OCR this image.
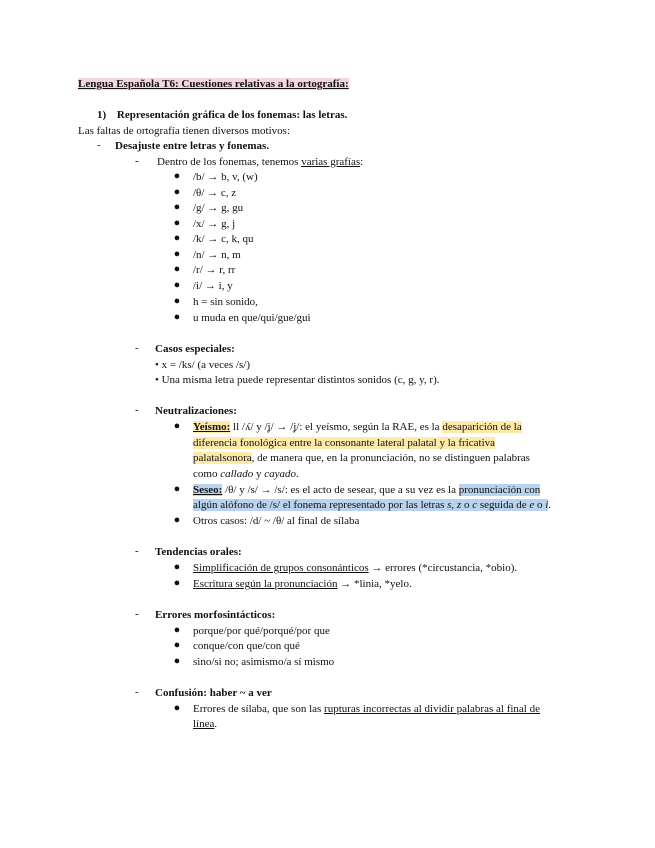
Lengua Española T6: Cuestiones relativas a la ortografía:
1) Representación gráfica de los fonemas: las letras.
Las faltas de ortografía tienen diversos motivos:
- Desajuste entre letras y fonemas.
- Dentro de los fonemas, tenemos varias grafías:
● /b/ → b, v, (w)
● /θ/ → c, z
● /g/ → g, gu
● /x/ → g, j
● /k/ → c, k, qu
● /n/ → n, m
● /r/ → r, rr
● /i/ → i, y
● h = sin sonido,
● u muda en que/qui/gue/gui
- Casos especiales:
• x = /ks/ (a veces /s/)
• Una misma letra puede representar distintos sonidos (c, g, y, r).
- Neutralizaciones:
● Yeísmo: ll /ʎ/ y /ʝ/ → /ʝ/: el yeísmo, según la RAE, es la desaparición de la
diferencia fonológica entre la consonante lateral palatal y la fricativa
palatalsonora, de manera que, en la pronunciación, no se distinguen palabras
como callado y cayado.
● Seseo: /θ/ y /s/ → /s/: es el acto de sesear, que a su vez es la pronunciación con
algún alófono de /s/ el fonema representado por las letras s, z o c seguida de e o i.
● Otros casos: /d/ ~ /θ/ al final de sílaba
- Tendencias orales:
● Simplificación de grupos consonánticos → errores (*circustancia, *obio).
● Escritura según la pronunciación → *linia, *yelo.
- Errores morfosintácticos:
● porque/por qué/porqué/por que
● conque/con que/con qué
● sino/si no; asimismo/a sí mismo
- Confusión: haber ~ a ver
● Errores de sílaba, que son las rupturas incorrectas al dividir palabras al final de
línea.
